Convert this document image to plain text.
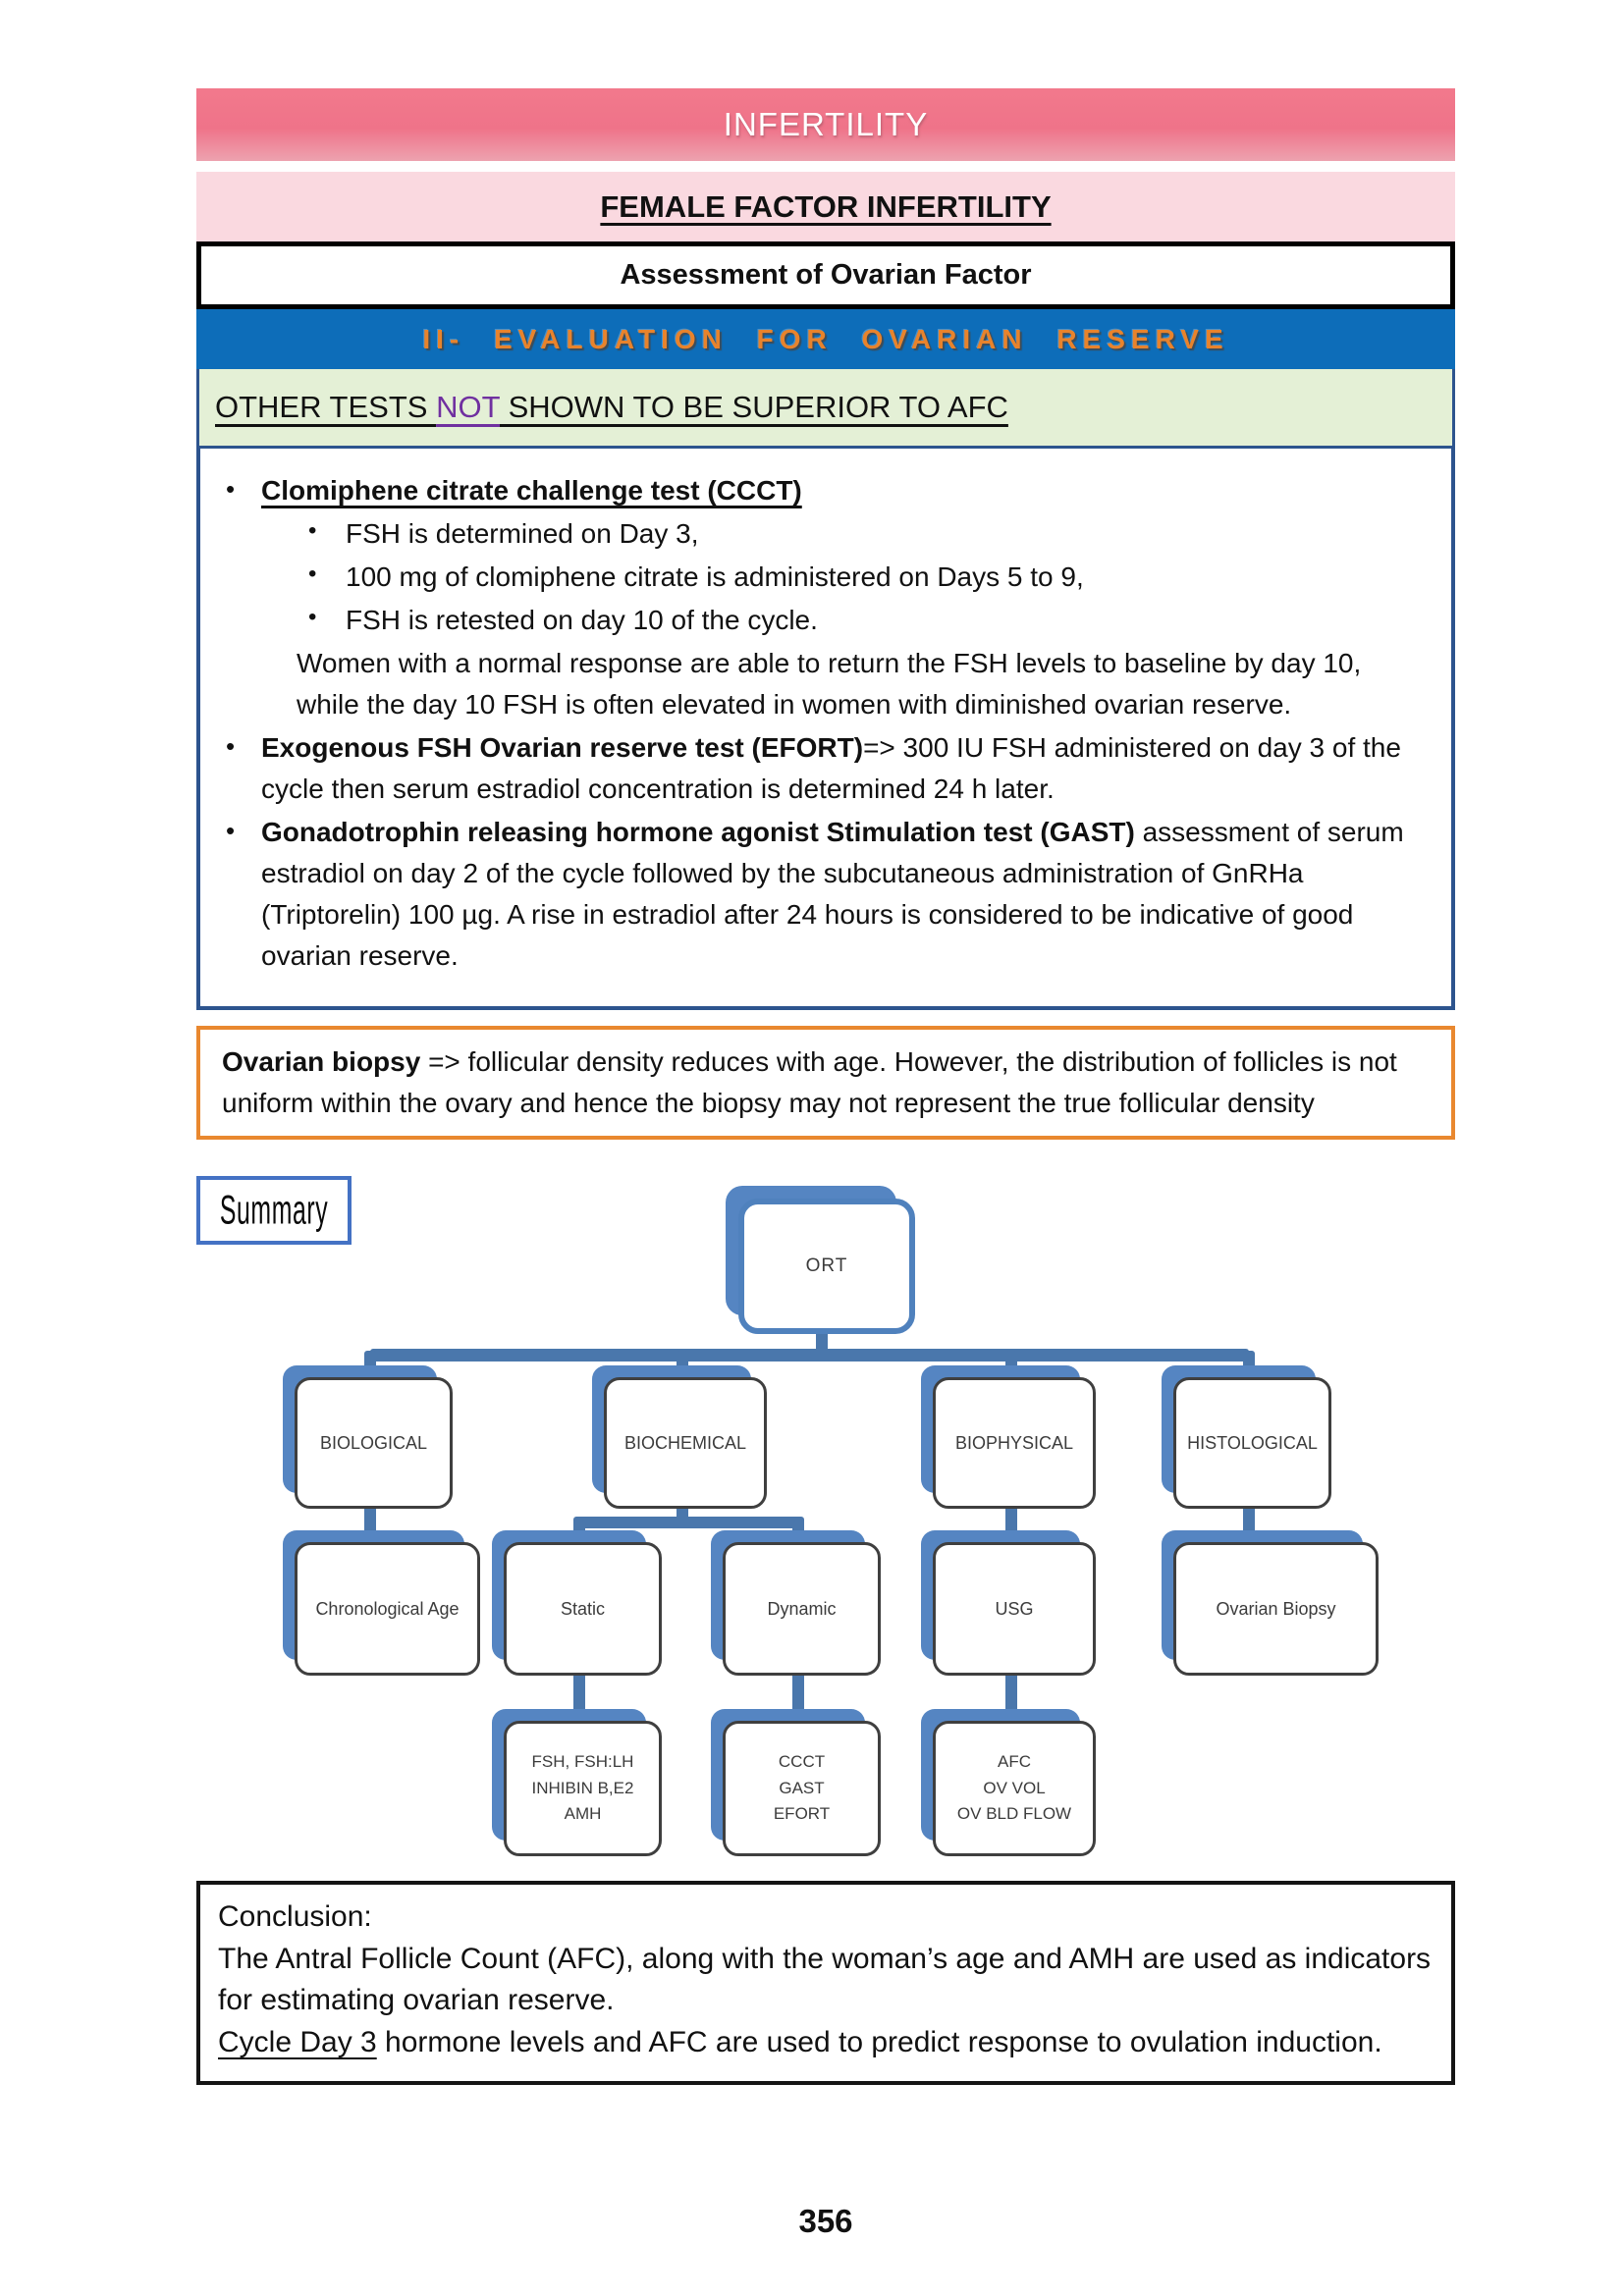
INFERTILITY
FEMALE FACTOR INFERTILITY
Assessment of Ovarian Factor
II- EVALUATION FOR OVARIAN RESERVE
OTHER TESTS NOT SHOWN TO BE SUPERIOR TO AFC
• Clomiphene citrate challenge test (CCCT)
•	FSH is determined on Day 3,
•	100 mg of clomiphene citrate is administered on Days 5 to 9,
•	FSH is retested on day 10 of the cycle.
Women with a normal response are able to return the FSH levels to baseline by day 10, while the day 10 FSH is often elevated in women with diminished ovarian reserve.
• Exogenous FSH Ovarian reserve test (EFORT)=> 300 IU FSH administered on day 3 of the cycle then serum estradiol concentration is determined 24 h later.
• Gonadotrophin releasing hormone agonist Stimulation test (GAST) assessment of serum estradiol on day 2 of the cycle followed by the subcutaneous administration of GnRHa (Triptorelin) 100 µg. A rise in estradiol after 24 hours is considered to be indicative of good ovarian reserve.
Ovarian biopsy => follicular density reduces with age. However, the distribution of follicles is not uniform within the ovary and hence the biopsy may not represent the true follicular density
Summary
ORT
BIOLOGICAL	BIOCHEMICAL	BIOPHYSICAL	HISTOLOGICAL
Chronological Age	Static	Dynamic	USG	Ovarian Biopsy
FSH, FSH:LH
INHIBIN B,E2
AMH
CCCT
GAST
EFORT
AFC
OV VOL
OV BLD FLOW
Conclusion:
The Antral Follicle Count (AFC), along with the woman’s age and AMH are used as indicators for estimating ovarian reserve.
Cycle Day 3 hormone levels and AFC are used to predict response to ovulation induction.
356
